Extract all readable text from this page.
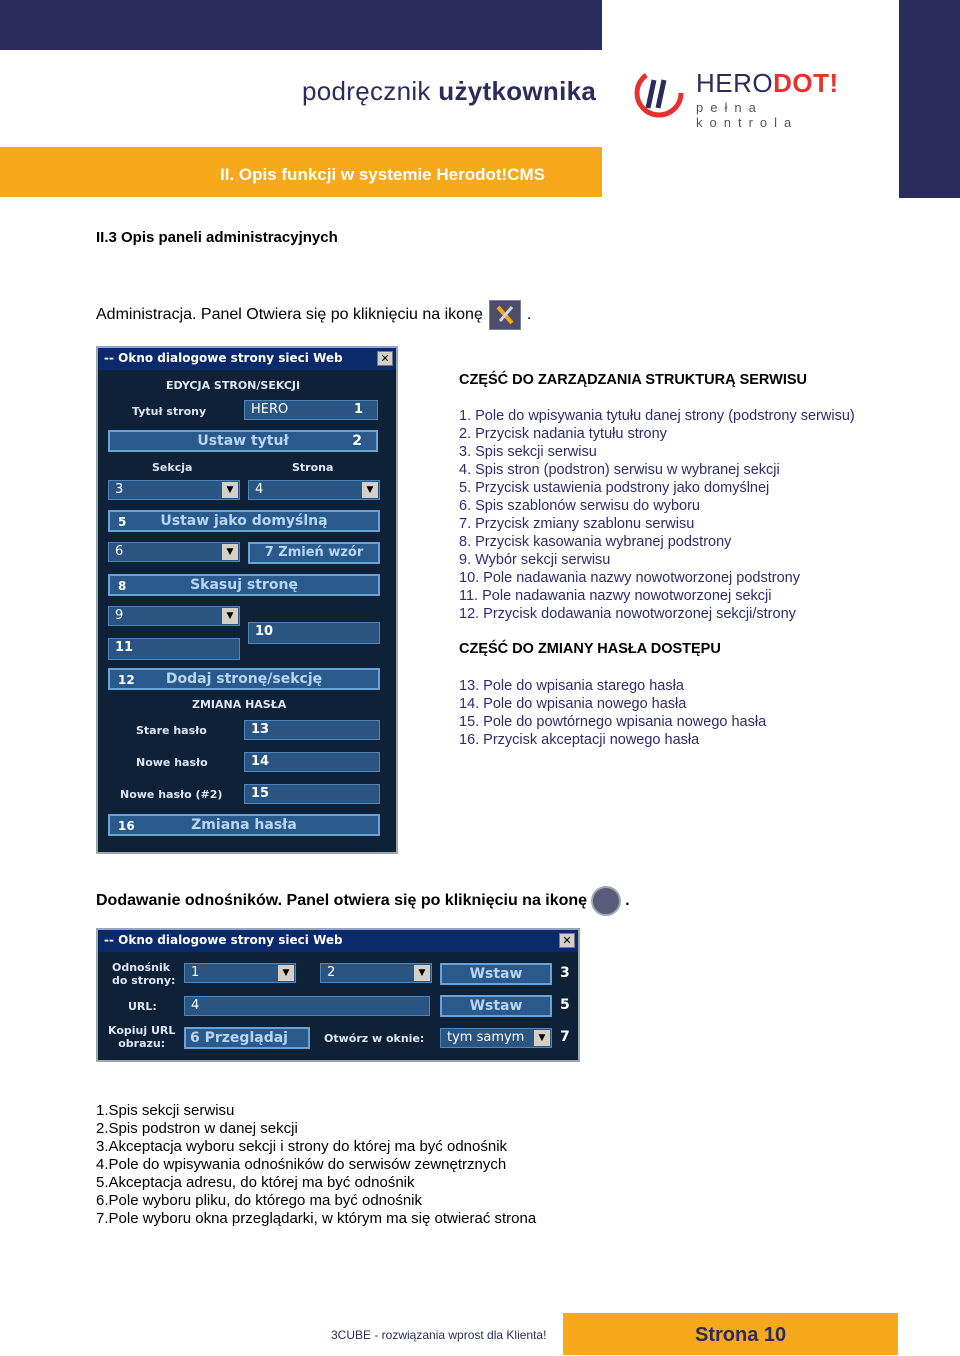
podręcznik użytkownika	HERODOT!
pełna kontrola
II. Opis funkcji w systemie Herodot!CMS
II.3 Opis paneli administracyjnych
Administracja. Panel Otwiera się po kliknięciu na ikonę	.
-- Okno dialogowe strony sieci Web	✕
EDYCJA STRON/SEKCJI
Tytuł strony	HERO	1
Ustaw tytuł	2
Sekcja	Strona
3	▼	4	▼
5 Ustaw jako domyślną
6	▼	7 Zmień wzór
8	Skasuj stronę
9	▼
10
11
12 Dodaj stronę/sekcję
ZMIANA HASŁA
Stare hasło	13
Nowe hasło	14
Nowe hasło (#2)	15
16	Zmiana hasła
CZĘŚĆ DO ZARZĄDZANIA STRUKTURĄ SERWISU
1. Pole do wpisywania tytułu danej strony (podstrony serwisu)
2. Przycisk nadania tytułu strony
3. Spis sekcji serwisu
4. Spis stron (podstron) serwisu w wybranej sekcji
5. Przycisk ustawienia podstrony jako domyślnej
6. Spis szablonów serwisu do wyboru
7. Przycisk zmiany szablonu serwisu
8. Przycisk kasowania wybranej podstrony
9. Wybór sekcji serwisu
10. Pole nadawania nazwy nowotworzonej podstrony
11. Pole nadawania nazwy nowotworzonej sekcji
12. Przycisk dodawania nowotworzonej sekcji/strony
CZĘŚĆ DO ZMIANY HASŁA DOSTĘPU
13. Pole do wpisania starego hasła
14. Pole do wpisania nowego hasła
15. Pole do powtórnego wpisania nowego hasła
16. Przycisk akceptacji nowego hasła
Dodawanie odnośników. Panel otwiera się po kliknięciu na ikonę .
-- Okno dialogowe strony sieci Web	✕
Odnośnik
do strony:
1	▼	2	▼	Wstaw	3
URL:	4	Wstaw	5
Kopiuj URL
obrazu:	6 Przeglądaj	Otwórz w oknie:	tym samym	▼	7
1.Spis sekcji serwisu
2.Spis podstron w danej sekcji
3.Akceptacja wyboru sekcji i strony do której ma być odnośnik
4.Pole do wpisywania odnośników do serwisów zewnętrznych
5.Akceptacja adresu, do której ma być odnośnik
6.Pole wyboru pliku, do którego ma być odnośnik
7.Pole wyboru okna przeglądarki, w którym ma się otwierać strona
3CUBE - rozwiązania wprost dla Klienta!	Strona 10
